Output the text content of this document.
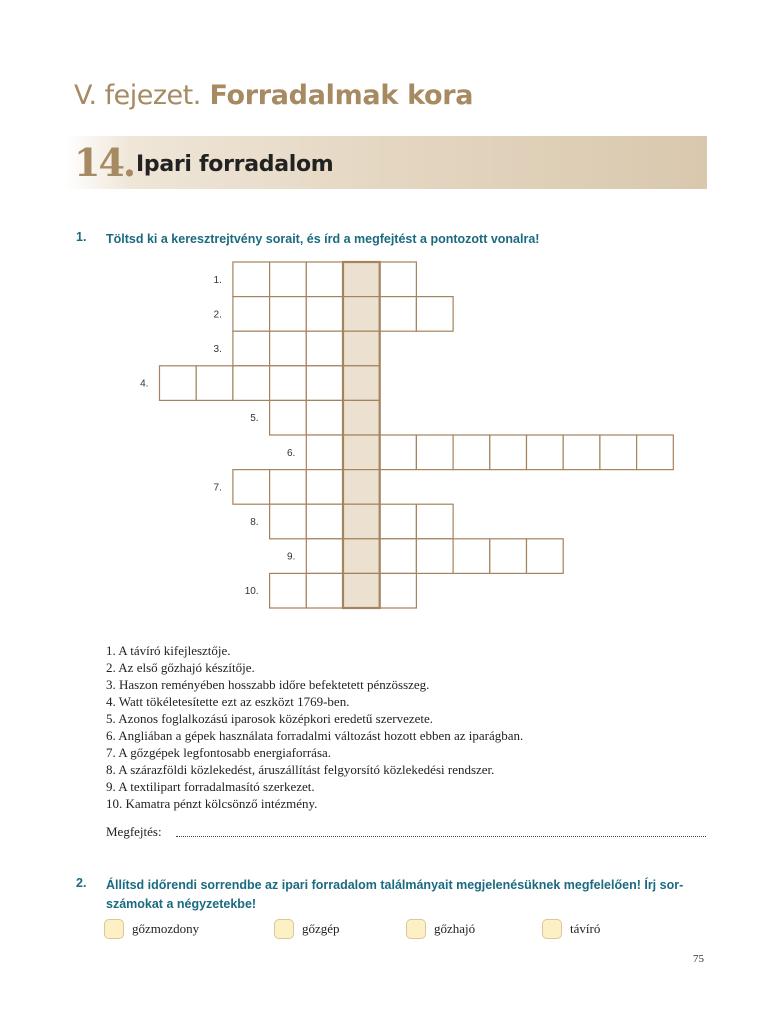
V. fejezet. Forradalmak kora
14. Ipari forradalom
1. Töltsd ki a keresztrejtvény sorait, és írd a megfejtést a pontozott vonalra!
1.
2.
3.
4.
5.
6.
7.
8.
9.
10.
1. A távíró kifejlesztője.
2. Az első gőzhajó készítője.
3. Haszon reményében hosszabb időre befektetett pénzösszeg.
4. Watt tökéletesítette ezt az eszközt 1769-ben.
5. Azonos foglalkozású iparosok középkori eredetű szervezete.
6. Angliában a gépek használata forradalmi változást hozott ebben az iparágban.
7. A gőzgépek legfontosabb energiaforrása.
8. A szárazföldi közlekedést, áruszállítást felgyorsító közlekedési rendszer.
9. A textilipart forradalmasító szerkezet.
10. Kamatra pénzt kölcsönző intézmény.
Megfejtés:
2. Állítsd időrendi sorrendbe az ipari forradalom találmányait megjelenésüknek megfelelően! Írj sor-
számokat a négyzetekbe!
gőzmozdony	gőzgép	gőzhajó	távíró
75
